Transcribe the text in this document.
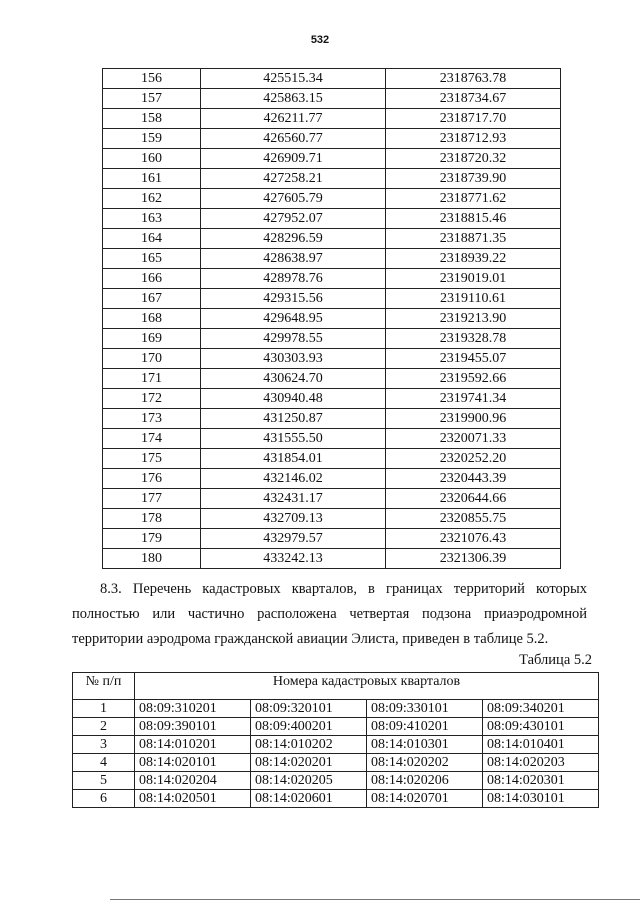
532
156	425515.34	2318763.78
157	425863.15	2318734.67
158	426211.77	2318717.70
159	426560.77	2318712.93
160	426909.71	2318720.32
161	427258.21	2318739.90
162	427605.79	2318771.62
163	427952.07	2318815.46
164	428296.59	2318871.35
165	428638.97	2318939.22
166	428978.76	2319019.01
167	429315.56	2319110.61
168	429648.95	2319213.90
169	429978.55	2319328.78
170	430303.93	2319455.07
171	430624.70	2319592.66
172	430940.48	2319741.34
173	431250.87	2319900.96
174	431555.50	2320071.33
175	431854.01	2320252.20
176	432146.02	2320443.39
177	432431.17	2320644.66
178	432709.13	2320855.75
179	432979.57	2321076.43
180	433242.13	2321306.39

8.3. Перечень кадастровых кварталов, в границах территорий которых полностью или частично расположена четвертая подзона приаэродромной территории аэродрома гражданской авиации Элиста, приведен в таблице 5.2.

Таблица 5.2
№ п/п	Номера кадастровых кварталов			
1	08:09:310201	08:09:320101	08:09:330101	08:09:340201
2	08:09:390101	08:09:400201	08:09:410201	08:09:430101
3	08:14:010201	08:14:010202	08:14:010301	08:14:010401
4	08:14:020101	08:14:020201	08:14:020202	08:14:020203
5	08:14:020204	08:14:020205	08:14:020206	08:14:020301
6	08:14:020501	08:14:020601	08:14:020701	08:14:030101
